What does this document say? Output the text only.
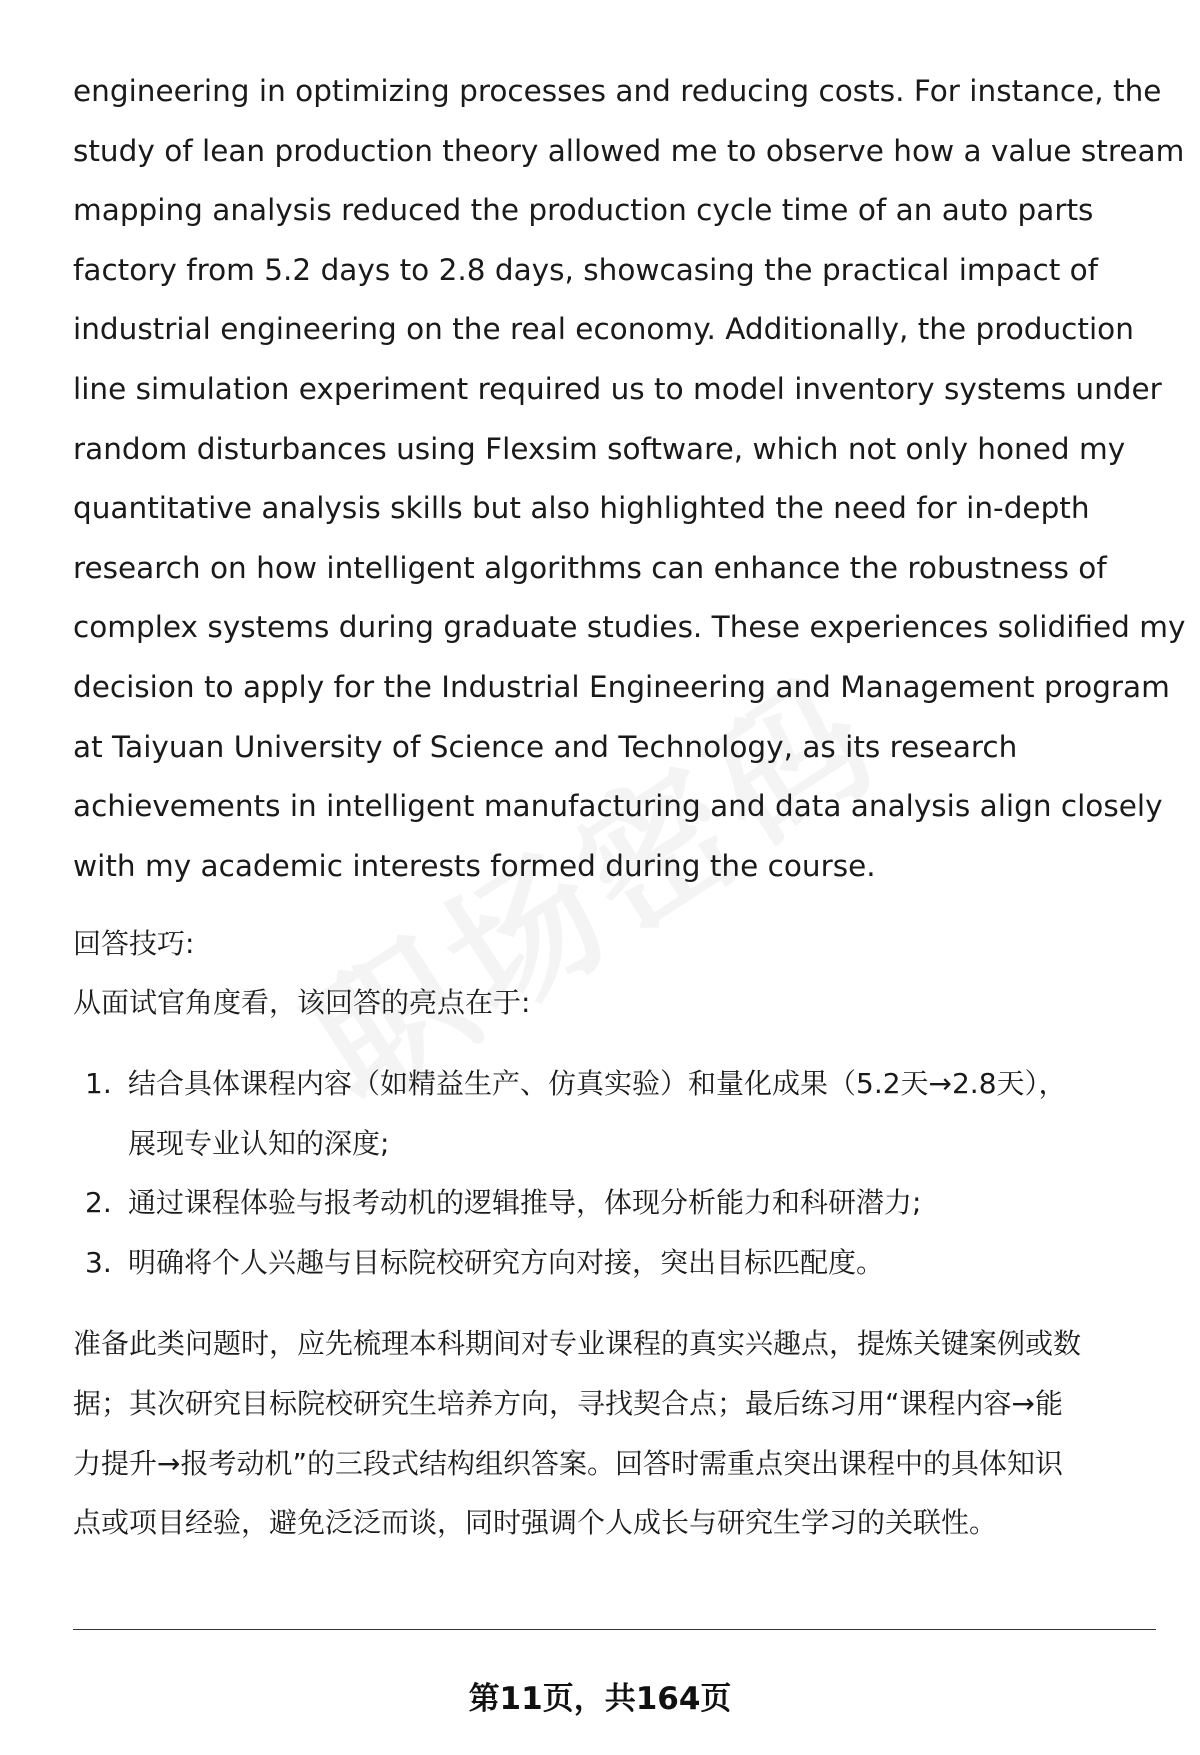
engineering in optimizing processes and reducing costs. For instance, the
study of lean production theory allowed me to observe how a value stream
mapping analysis reduced the production cycle time of an auto parts
factory from 5.2 days to 2.8 days, showcasing the practical impact of
industrial engineering on the real economy. Additionally, the production
line simulation experiment required us to model inventory systems under
random disturbances using Flexsim software, which not only honed my
quantitative analysis skills but also highlighted the need for in-depth
research on how intelligent algorithms can enhance the robustness of
complex systems during graduate studies. These experiences solidified my
decision to apply for the Industrial Engineering and Management program
at Taiyuan University of Science and Technology, as its research
achievements in intelligent manufacturing and data analysis align closely
with my academic interests formed during the course.

回答技巧:

从面试官角度看，该回答的亮点在于:

1. 结合具体课程内容（如精益生产、仿真实验）和量化成果（5.2天→2.8天），
展现专业认知的深度;
2. 通过课程体验与报考动机的逻辑推导，体现分析能力和科研潜力;
3. 明确将个人兴趣与目标院校研究方向对接，突出目标匹配度。

准备此类问题时，应先梳理本科期间对专业课程的真实兴趣点，提炼关键案例或数
据；其次研究目标院校研究生培养方向，寻找契合点；最后练习用“课程内容→能
力提升→报考动机”的三段式结构组织答案。回答时需重点突出课程中的具体知识
点或项目经验，避免泛泛而谈，同时强调个人成长与研究生学习的关联性。

第11页，共164页
